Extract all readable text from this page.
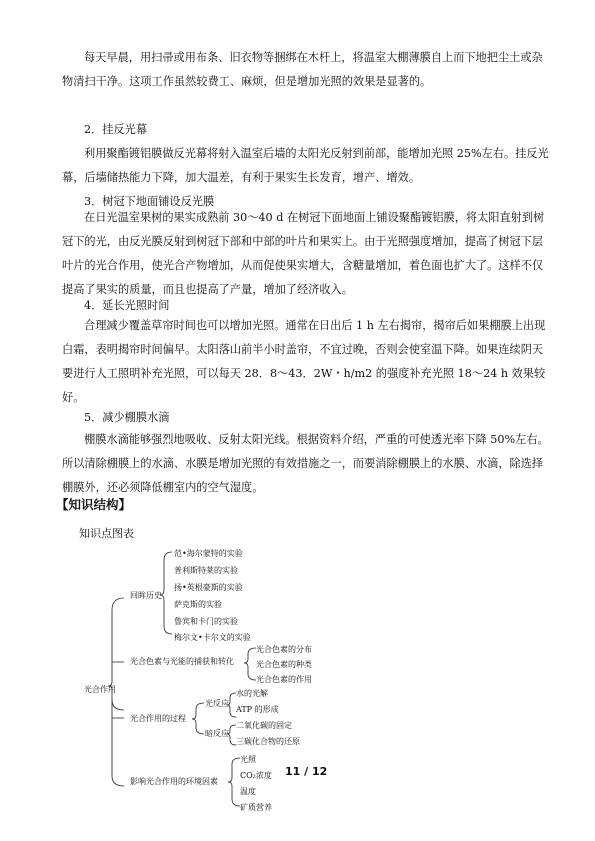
每天早晨，用扫帚或用布条、旧衣物等捆绑在木杆上，将温室大棚薄膜自上而下地把尘土或杂物清扫干净。这项工作虽然较费工、麻烦，但是增加光照的效果是显著的。

2．挂反光幕

利用聚酯镀铝膜做反光幕将射入温室后墙的太阳光反射到前部，能增加光照 25%左右。挂反光幕，后墙储热能力下降，加大温差，有利于果实生长发育，增产、增效。

3．树冠下地面铺设反光膜

在日光温室果树的果实成熟前 30～40 d 在树冠下面地面上铺设聚酯镀铝膜，将太阳直射到树冠下的光，由反光膜反射到树冠下部和中部的叶片和果实上。由于光照强度增加，提高了树冠下层叶片的光合作用，使光合产物增加，从而促使果实增大，含糖量增加，着色面也扩大了。这样不仅提高了果实的质量，而且也提高了产量，增加了经济收入。

4．延长光照时间

合理减少覆盖草帘时间也可以增加光照。通常在日出后 1 h 左右揭帘，揭帘后如果棚膜上出现白霜，表明揭帘时间偏早。太阳落山前半小时盖帘，不宜过晚，否则会使室温下降。如果连续阴天要进行人工照明补充光照，可以每天 28．8～43．2W・h/m2 的强度补充光照 18～24 h 效果较好。

5．减少棚膜水滴

棚膜水滴能够强烈地吸收、反射太阳光线。根据资料介绍，严重的可使透光率下降 50%左右。所以清除棚膜上的水滴、水膜是增加光照的有效措施之一，而要消除棚膜上的水膜、水滴，除选择棚膜外，还必须降低棚室内的空气湿度。

【知识结构】

知识点图表

光合作用
回眸历史
范•海尔蒙特的实验
普利斯特莱的实验
扬•英根豪斯的实验
萨克斯的实验
鲁宾和卡门的实验
梅尔文•卡尔文的实验
光合色素与光能的捕获和转化
光合色素的分布
光合色素的种类
光合色素的作用
光合作用的过程
光反应
水的光解
ATP 的形成
暗反应
二氧化碳的固定
三碳化合物的还原
影响光合作用的环境因素
光照
CO₂浓度
温度
矿质营养

11 / 12
